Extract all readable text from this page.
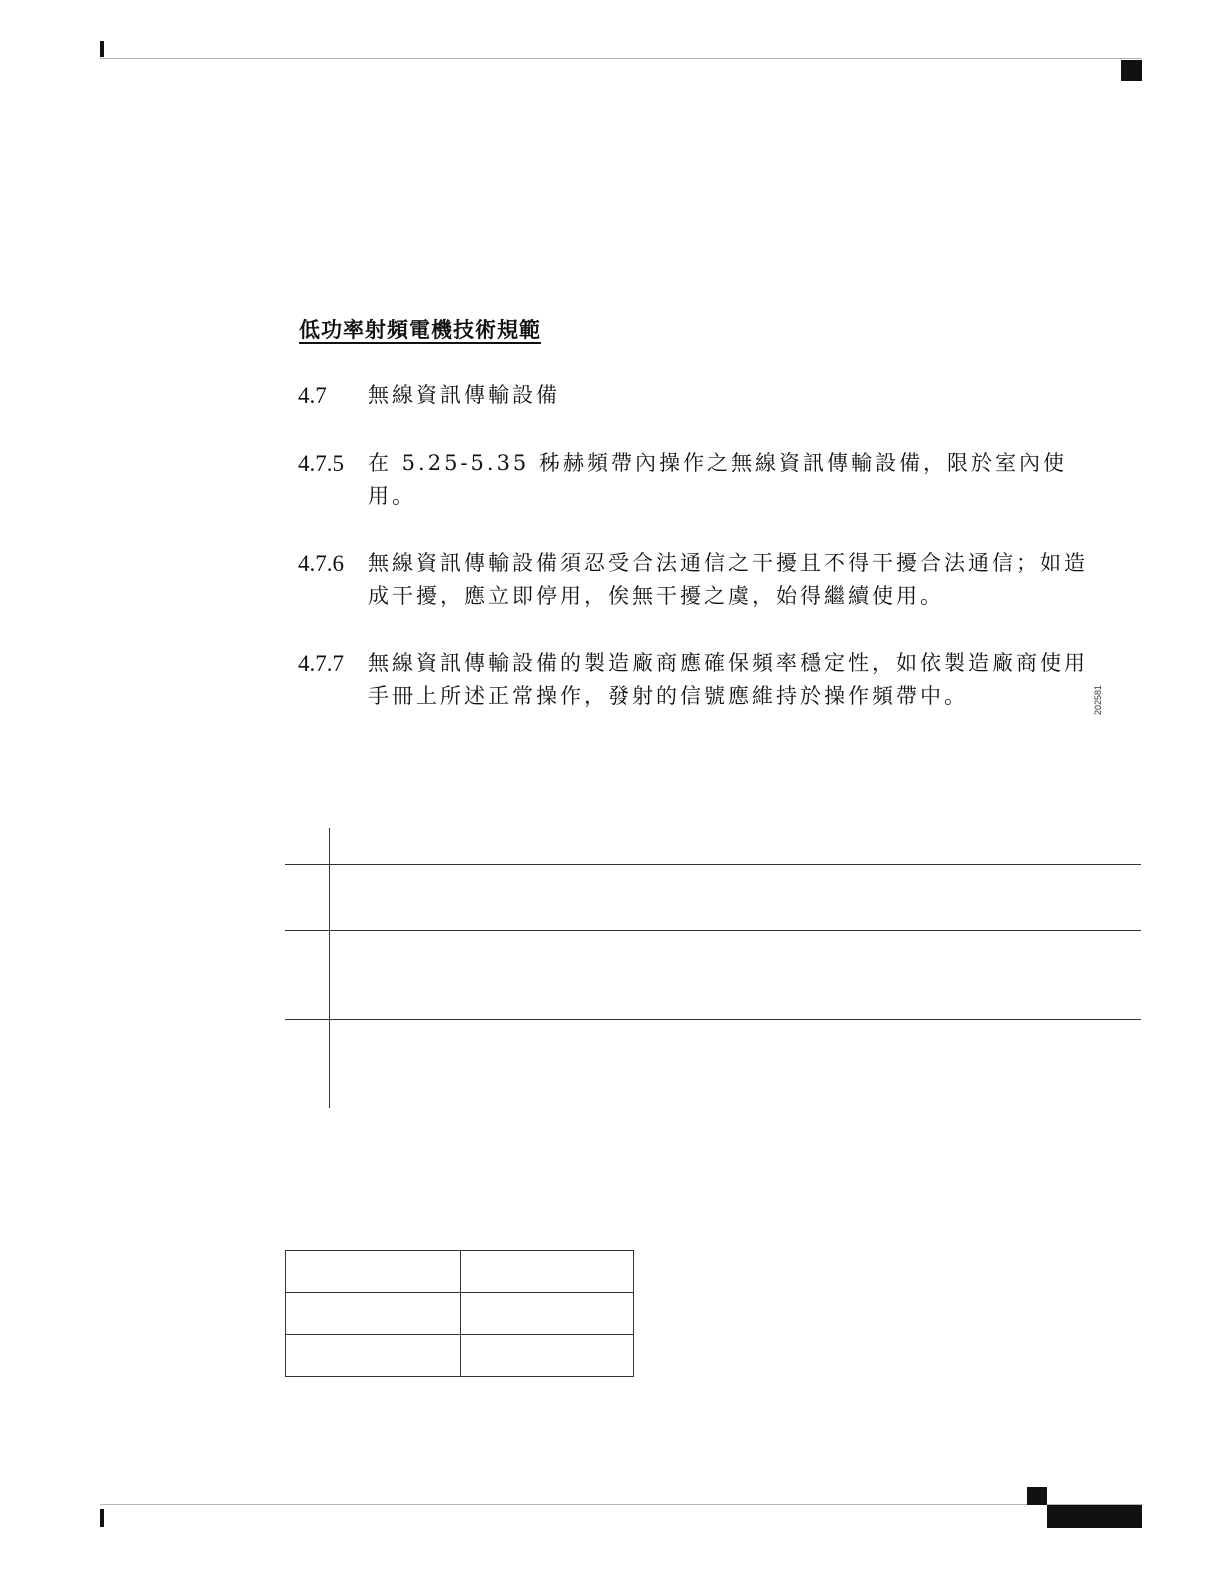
低功率射頻電機技術規範
4.7 無線資訊傳輸設備
4.7.5 在 5.25-5.35 秭赫頻帶內操作之無線資訊傳輸設備，限於室內使用。
4.7.6 無線資訊傳輸設備須忍受合法通信之干擾且不得干擾合法通信；如造成干擾，應立即停用，俟無干擾之虞，始得繼續使用。
4.7.7 無線資訊傳輸設備的製造廠商應確保頻率穩定性，如依製造廠商使用手冊上所述正常操作，發射的信號應維持於操作頻帶中。	202581
